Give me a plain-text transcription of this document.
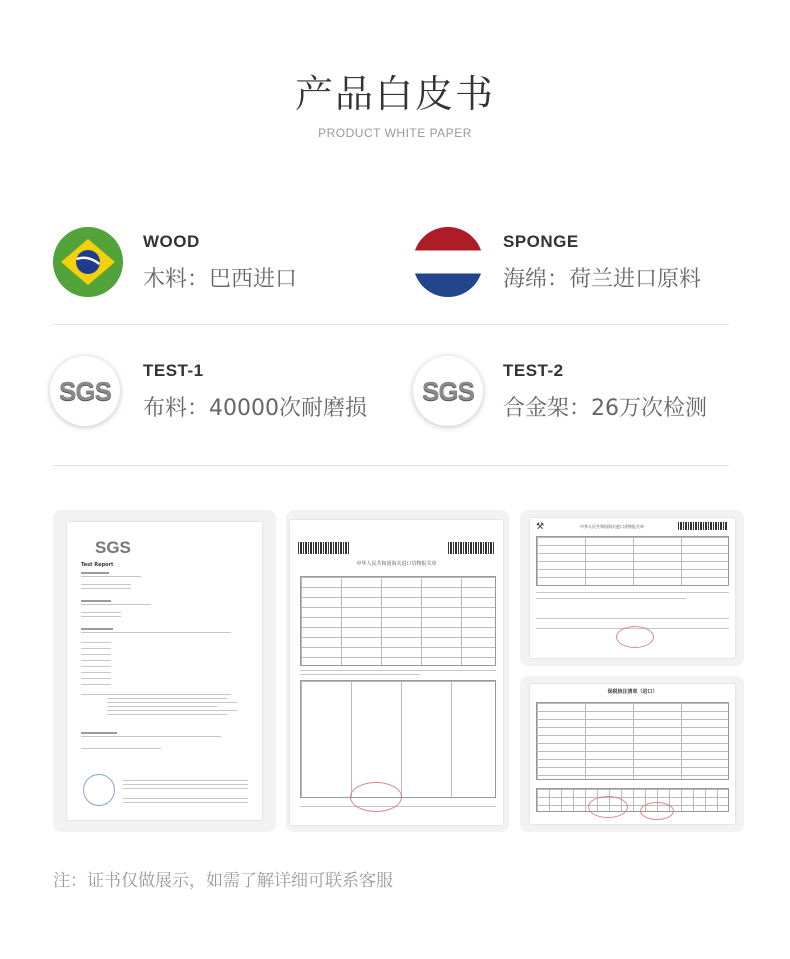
产品白皮书
PRODUCT WHITE PAPER
WOOD
木料：巴西进口
SPONGE
海绵：荷兰进口原料
SGS
TEST-1
布料：40000次耐磨损
SGS
TEST-2
合金架：26万次检测
SGS
Test Report	中华人民共和国海关进口货物报关单
⚒	中华人民共和国海关进口货物报关单
保税核注清单（进口）
注：证书仅做展示，如需了解详细可联系客服
